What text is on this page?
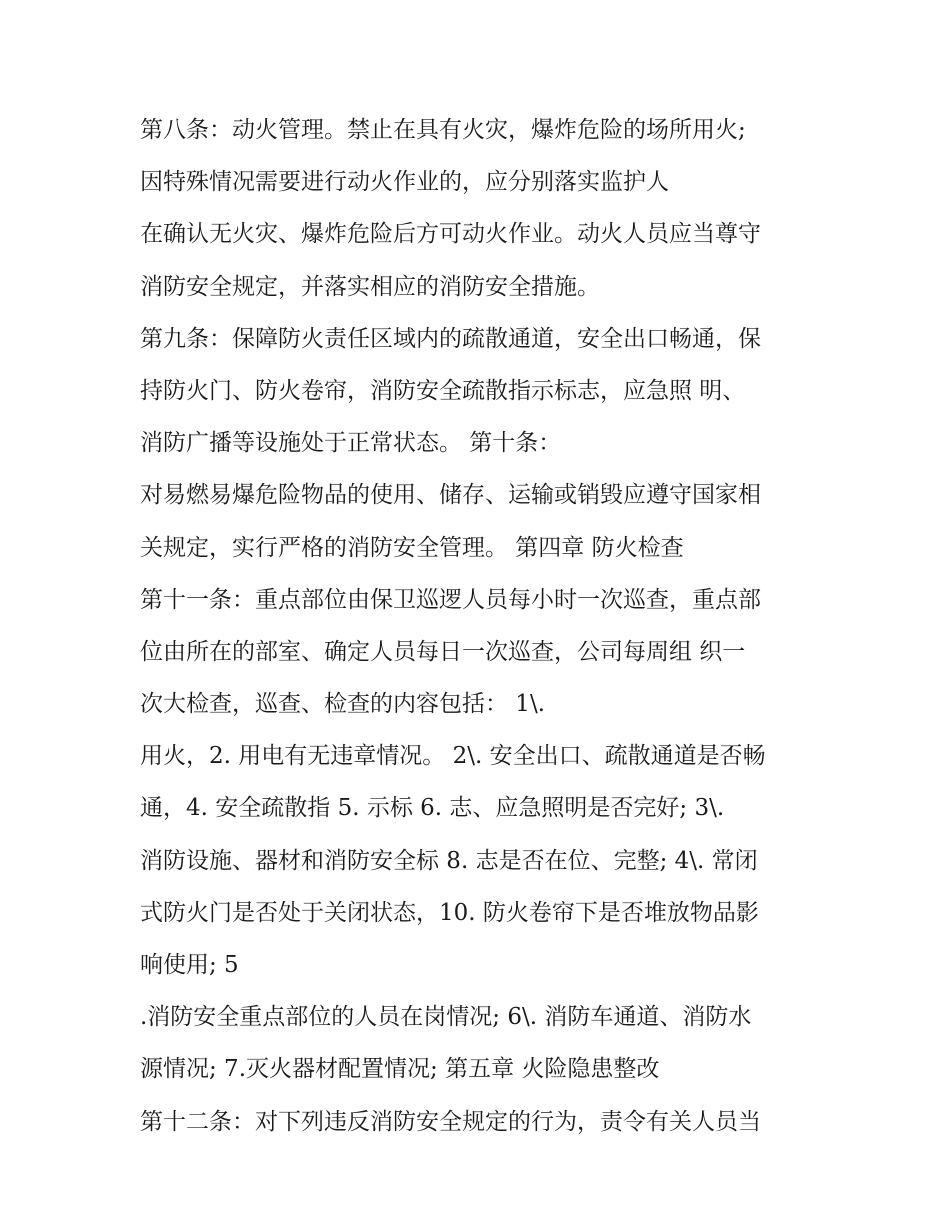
第八条：动火管理。禁止在具有火灾，爆炸危险的场所用火;
因特殊情况需要进行动火作业的，应分别落实监护人
在确认无火灾、爆炸危险后方可动火作业。动火人员应当尊守
消防安全规定，并落实相应的消防安全措施。
第九条：保障防火责任区域内的疏散通道，安全出口畅通，保
持防火门、防火卷帘，消防安全疏散指示标志，应急照 明、
消防广播等设施处于正常状态。 第十条：
对易燃易爆危险物品的使用、储存、运输或销毁应遵守国家相
关规定，实行严格的消防安全管理。 第四章 防火检查
第十一条：重点部位由保卫巡逻人员每小时一次巡查，重点部
位由所在的部室、确定人员每日一次巡查，公司每周组 织一
次大检查，巡查、检查的内容包括： 1\.
用火，2. 用电有无违章情况。 2\. 安全出口、疏散通道是否畅
通，4. 安全疏散指 5. 示标 6. 志、应急照明是否完好; 3\.
消防设施、器材和消防安全标 8. 志是否在位、完整; 4\. 常闭
式防火门是否处于关闭状态，10. 防火卷帘下是否堆放物品影
响使用; 5
.消防安全重点部位的人员在岗情况; 6\. 消防车通道、消防水
源情况; 7.灭火器材配置情况; 第五章 火险隐患整改
第十二条：对下列违反消防安全规定的行为，责令有关人员当
